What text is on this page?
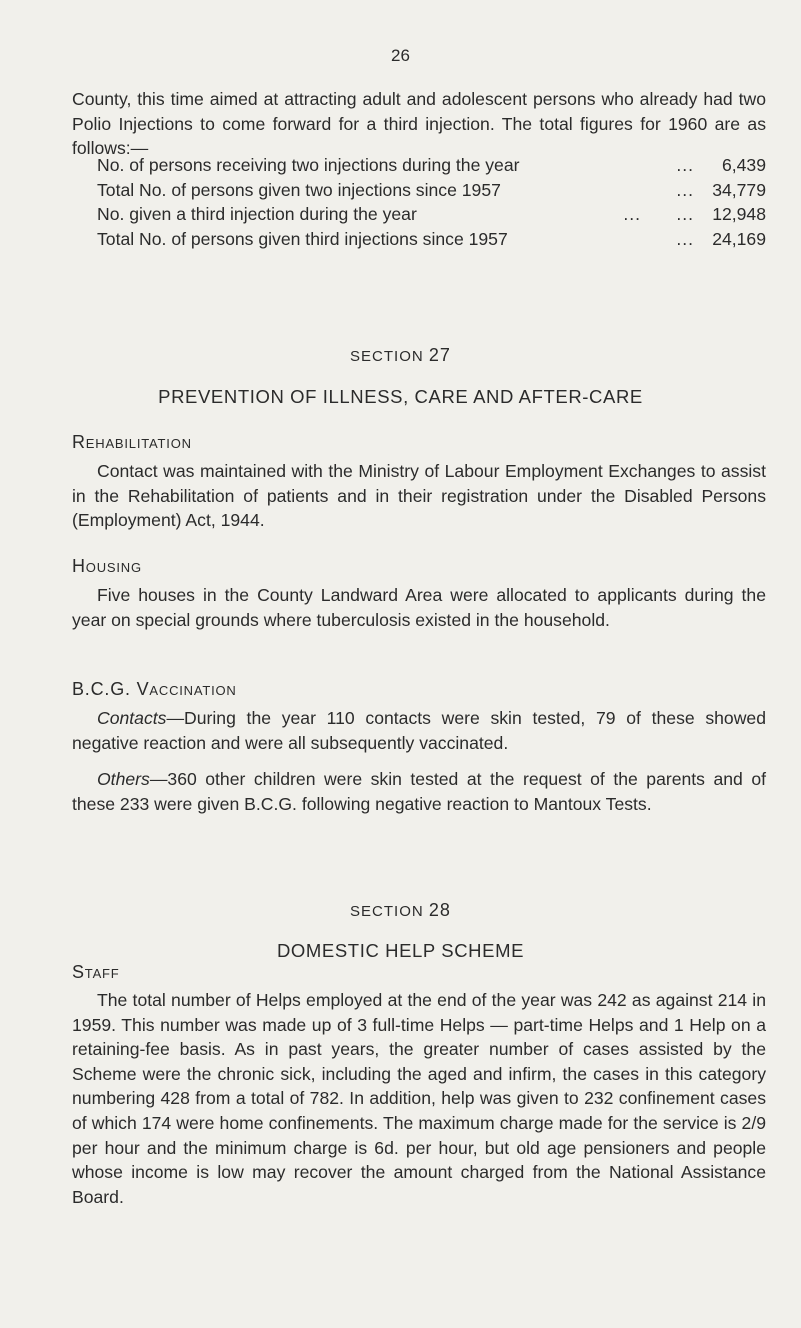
26

County, this time aimed at attracting adult and adolescent persons who already had two Polio Injections to come forward for a third injection. The total figures for 1960 are as follows:—

No. of persons receiving two injections during the year	...	6,439
Total No. of persons given two injections since 1957	...	34,779
No. given a third injection during the year	...      ...	12,948
Total No. of persons given third injections since 1957	...	24,169
SECTION 27
PREVENTION OF ILLNESS, CARE AND AFTER-CARE
Rehabilitation

Contact was maintained with the Ministry of Labour Employment Exchanges to assist in the Rehabilitation of patients and in their registration under the Disabled Persons (Employment) Act, 1944.

Housing

Five houses in the County Landward Area were allocated to applicants during the year on special grounds where tuberculosis existed in the household.

B.C.G. Vaccination

Contacts—During the year 110 contacts were skin tested, 79 of these showed negative reaction and were all subsequently vaccinated.

Others—360 other children were skin tested at the request of the parents and of these 233 were given B.C.G. following negative reaction to Mantoux Tests.

SECTION 28
DOMESTIC HELP SCHEME
Staff

The total number of Helps employed at the end of the year was 242 as against 214 in 1959. This number was made up of 3 full-time Helps — part-time Helps and 1 Help on a retaining-fee basis. As in past years, the greater number of cases assisted by the Scheme were the chronic sick, including the aged and infirm, the cases in this category numbering 428 from a total of 782. In addition, help was given to 232 confinement cases of which 174 were home confinements. The maximum charge made for the service is 2/9 per hour and the minimum charge is 6d. per hour, but old age pensioners and people whose income is low may recover the amount charged from the National Assistance Board.
